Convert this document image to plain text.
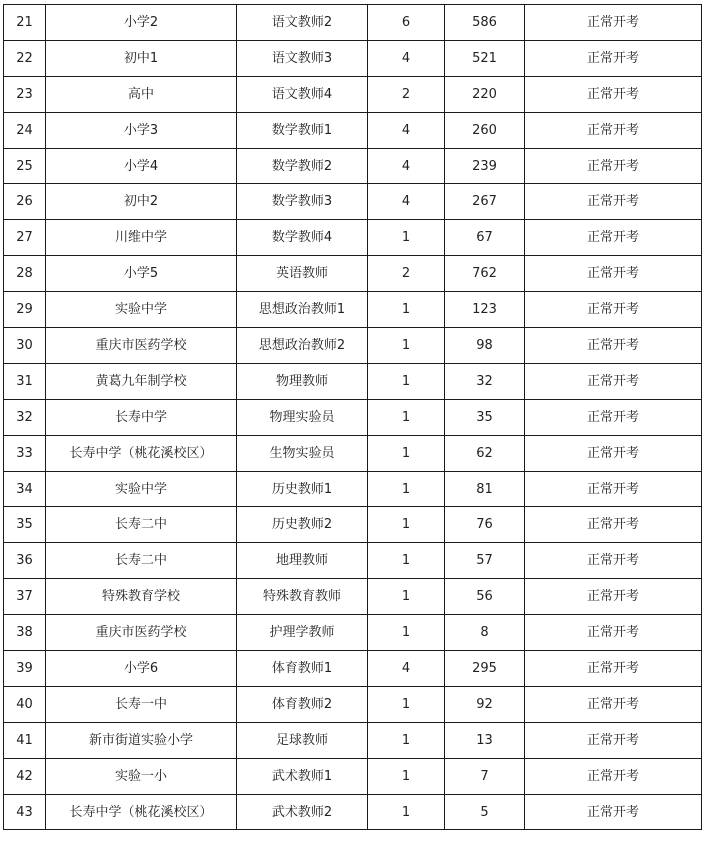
21	小学2	语文教师2	6	586	正常开考
22	初中1	语文教师3	4	521	正常开考
23	高中	语文教师4	2	220	正常开考
24	小学3	数学教师1	4	260	正常开考
25	小学4	数学教师2	4	239	正常开考
26	初中2	数学教师3	4	267	正常开考
27	川维中学	数学教师4	1	67	正常开考
28	小学5	英语教师	2	762	正常开考
29	实验中学	思想政治教师1	1	123	正常开考
30	重庆市医药学校	思想政治教师2	1	98	正常开考
31	黄葛九年制学校	物理教师	1	32	正常开考
32	长寿中学	物理实验员	1	35	正常开考
33	长寿中学（桃花溪校区）	生物实验员	1	62	正常开考
34	实验中学	历史教师1	1	81	正常开考
35	长寿二中	历史教师2	1	76	正常开考
36	长寿二中	地理教师	1	57	正常开考
37	特殊教育学校	特殊教育教师	1	56	正常开考
38	重庆市医药学校	护理学教师	1	8	正常开考
39	小学6	体育教师1	4	295	正常开考
40	长寿一中	体育教师2	1	92	正常开考
41	新市街道实验小学	足球教师	1	13	正常开考
42	实验一小	武术教师1	1	7	正常开考
43	长寿中学（桃花溪校区）	武术教师2	1	5	正常开考
